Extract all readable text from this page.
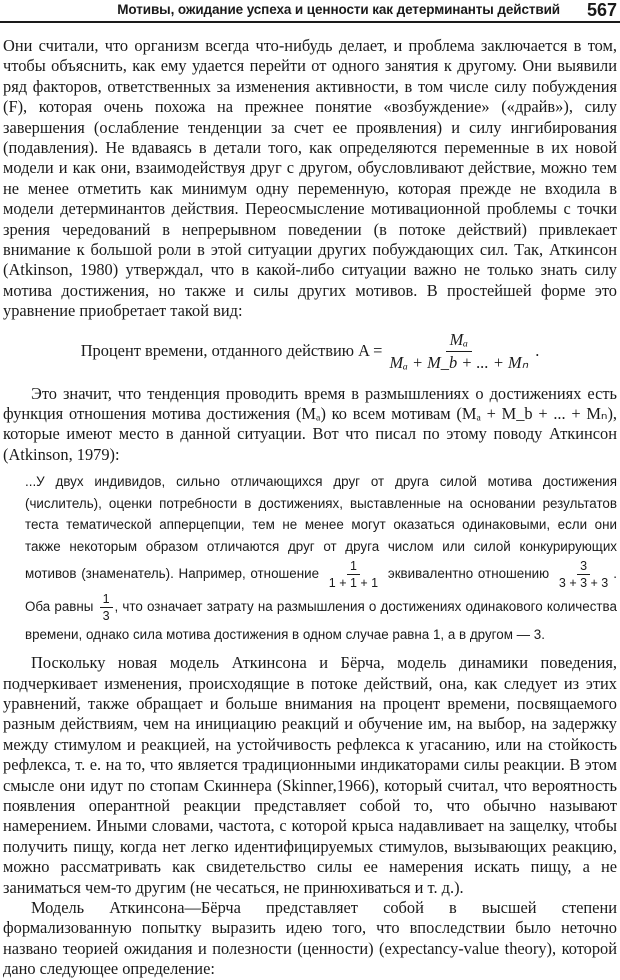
Мотивы, ожидание успеха и ценности как детерминанты действий 567

Они считали, что организм всегда что-нибудь делает, и проблема заключается в том, чтобы объяснить, как ему удается перейти от одного занятия к другому. Они выявили ряд факторов, ответственных за изменения активности, в том числе силу побуждения (F), которая очень похожа на прежнее понятие «возбуждение» («драйв»), силу завершения (ослабление тенденции за счет ее проявления) и силу ингибирования (подавления). Не вдаваясь в детали того, как определяются переменные в их новой модели и как они, взаимодействуя друг с другом, обусловливают действие, можно тем не менее отметить как минимум одну переменную, которая прежде не входила в модели детерминантов действия. Переосмысление мотивационной проблемы с точки зрения чередований в непрерывном поведении (в потоке действий) привлекает внимание к большой роли в этой ситуации других побуждающих сил. Так, Аткинсон (Atkinson, 1980) утверждал, что в какой-либо ситуации важно не только знать силу мотива достижения, но также и силы других мотивов. В простейшей форме это уравнение приобретает такой вид:

Процент времени, отданного действию $A = \frac{\text{Mₐ}}{\text{Mₐ + M\_b + ... + Mₙ}}$ .

Это значит, что тенденция проводить время в размышлениях о достижениях есть функция отношения мотива достижения (Mₐ) ко всем мотивам (Mₐ + M_b + ... + Mₙ), которые имеют место в данной ситуации. Вот что писал по этому поводу Аткинсон (Atkinson, 1979):

...У двух индивидов, сильно отличающихся друг от друга силой мотива достижения (числитель), оценки потребности в достижениях, выставленные на основании результатов теста тематической апперцепции, тем не менее могут оказаться одинаковыми, если они также некоторым образом отличаются друг от друга числом или силой конкурирующих мотивов (знаменатель). Например, отношение $\frac{1}{1 + 1 + 1}$ эквивалентно отношению $\frac{3}{3 + 3 + 3}$ . Оба равны $\frac{1}{3}$ , что означает затрату на размышления о достижениях одинакового количества времени, однако сила мотива достижения в одном случае равна 1, а в другом — 3.

Поскольку новая модель Аткинсона и Бёрча, модель динамики поведения, подчеркивает изменения, происходящие в потоке действий, она, как следует из этих уравнений, также обращает и больше внимания на процент времени, посвящаемого разным действиям, чем на инициацию реакций и обучение им, на выбор, на задержку между стимулом и реакцией, на устойчивость рефлекса к угасанию, или на стойкость рефлекса, т. е. на то, что является традиционными индикаторами силы реакции. В этом смысле они идут по стопам Скиннера (Skinner,1966), который считал, что вероятность появления оперантной реакции представляет собой то, что обычно называют намерением. Иными словами, частота, с которой крыса надавливает на защелку, чтобы получить пищу, когда нет легко идентифицируемых стимулов, вызывающих реакцию, можно рассматривать как свидетельство силы ее намерения искать пищу, а не заниматься чем-то другим (не чесаться, не принюхиваться и т. д.).

Модель Аткинсона—Бёрча представляет собой в высшей степени формализованную попытку выразить идею того, что впоследствии было неточно названо теорией ожидания и полезности (ценности) (expectancy-value theory), которой дано следующее определение:
